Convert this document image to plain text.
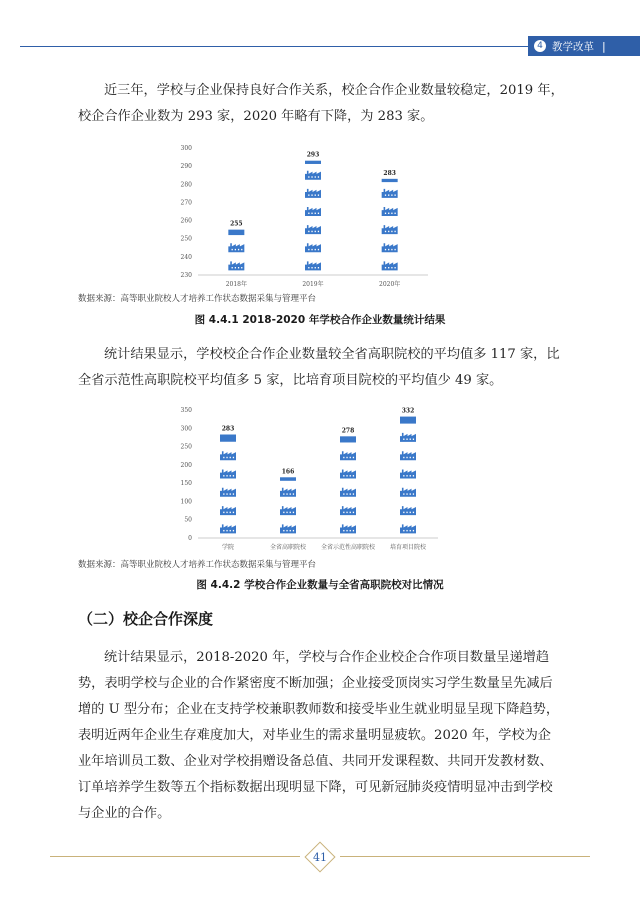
4 教学改革 |

近三年，学校与企业保持良好合作关系，校企合作企业数量较稳定，2019 年，校企合作企业数为 293 家，2020 年略有下降，为 283 家。

230
240
250
260
270
280
290
300
255
2018年
293
2019年
283
2020年
数据来源：高等职业院校人才培养工作状态数据采集与管理平台
图 4.4.1 2018-2020 年学校合作企业数量统计结果

统计结果显示，学校校企合作企业数量较全省高职院校的平均值多 117 家，比全省示范性高职院校平均值多 5 家，比培育项目院校的平均值少 49 家。

0
50
100
150
200
250
300
350
283
学院
166
全省高职院校
278
全省示范性高职院校
332
培育项目院校
数据来源：高等职业院校人才培养工作状态数据采集与管理平台
图 4.4.2 学校合作企业数量与全省高职院校对比情况
（二）校企合作深度

统计结果显示，2018-2020 年，学校与合作企业校企合作项目数量呈递增趋势，表明学校与企业的合作紧密度不断加强；企业接受顶岗实习学生数量呈先减后增的 U 型分布；企业在支持学校兼职教师数和接受毕业生就业明显呈现下降趋势，表明近两年企业生存难度加大，对毕业生的需求量明显疲软。2020 年，学校为企业年培训员工数、企业对学校捐赠设备总值、共同开发课程数、共同开发教材数、订单培养学生数等五个指标数据出现明显下降，可见新冠肺炎疫情明显冲击到学校与企业的合作。

41
